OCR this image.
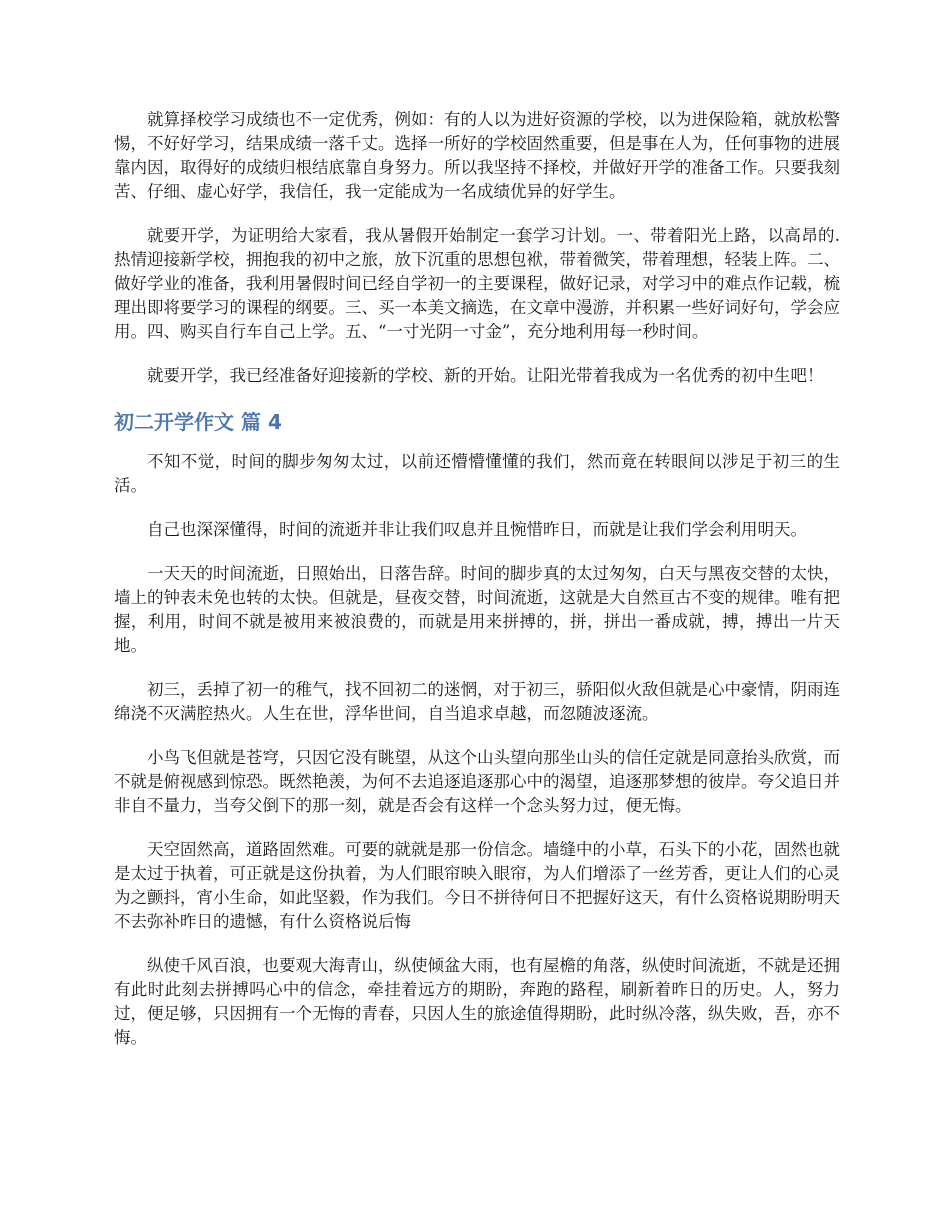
就算择校学习成绩也不一定优秀，例如：有的人以为进好资源的学校，以为进保险箱，就放松警惕，不好好学习，结果成绩一落千丈。选择一所好的学校固然重要，但是事在人为，任何事物的进展靠内因，取得好的成绩归根结底靠自身努力。所以我坚持不择校，并做好开学的准备工作。只要我刻苦、仔细、虚心好学，我信任，我一定能成为一名成绩优异的好学生。

就要开学，为证明给大家看，我从暑假开始制定一套学习计划。一、带着阳光上路，以高昂的.热情迎接新学校，拥抱我的初中之旅，放下沉重的思想包袱，带着微笑，带着理想，轻装上阵。二、做好学业的准备，我利用暑假时间已经自学初一的主要课程，做好记录，对学习中的难点作记载，梳理出即将要学习的课程的纲要。三、买一本美文摘选，在文章中漫游，并积累一些好词好句，学会应用。四、购买自行车自己上学。五、“一寸光阴一寸金”，充分地利用每一秒时间。

就要开学，我已经准备好迎接新的学校、新的开始。让阳光带着我成为一名优秀的初中生吧！

初二开学作文 篇 4

不知不觉，时间的脚步匆匆太过，以前还懵懵懂懂的我们，然而竟在转眼间以涉足于初三的生活。

自己也深深懂得，时间的流逝并非让我们叹息并且惋惜昨日，而就是让我们学会利用明天。

一天天的时间流逝，日照始出，日落告辞。时间的脚步真的太过匆匆，白天与黑夜交替的太快，墙上的钟表未免也转的太快。但就是，昼夜交替，时间流逝，这就是大自然亘古不变的规律。唯有把握，利用，时间不就是被用来被浪费的，而就是用来拼搏的，拼，拼出一番成就，搏，搏出一片天地。

初三，丢掉了初一的稚气，找不回初二的迷惘，对于初三，骄阳似火敌但就是心中豪情，阴雨连绵浇不灭满腔热火。人生在世，浮华世间，自当追求卓越，而忽随波逐流。

小鸟飞但就是苍穹，只因它没有眺望，从这个山头望向那坐山头的信任定就是同意抬头欣赏，而不就是俯视感到惊恐。既然艳羡，为何不去追逐追逐那心中的渴望，追逐那梦想的彼岸。夸父追日并非自不量力，当夸父倒下的那一刻，就是否会有这样一个念头努力过，便无悔。

天空固然高，道路固然难。可要的就就是那一份信念。墙缝中的小草，石头下的小花，固然也就是太过于执着，可正就是这份执着，为人们眼帘映入眼帘，为人们增添了一丝芳香，更让人们的心灵为之颤抖，宵小生命，如此坚毅，作为我们。今日不拼待何日不把握好这天，有什么资格说期盼明天不去弥补昨日的遗憾，有什么资格说后悔

纵使千风百浪，也要观大海青山，纵使倾盆大雨，也有屋檐的角落，纵使时间流逝，不就是还拥有此时此刻去拼搏吗心中的信念，牵挂着远方的期盼，奔跑的路程，刷新着昨日的历史。人，努力过，便足够，只因拥有一个无悔的青春，只因人生的旅途值得期盼，此时纵冷落，纵失败，吾，亦不悔。
